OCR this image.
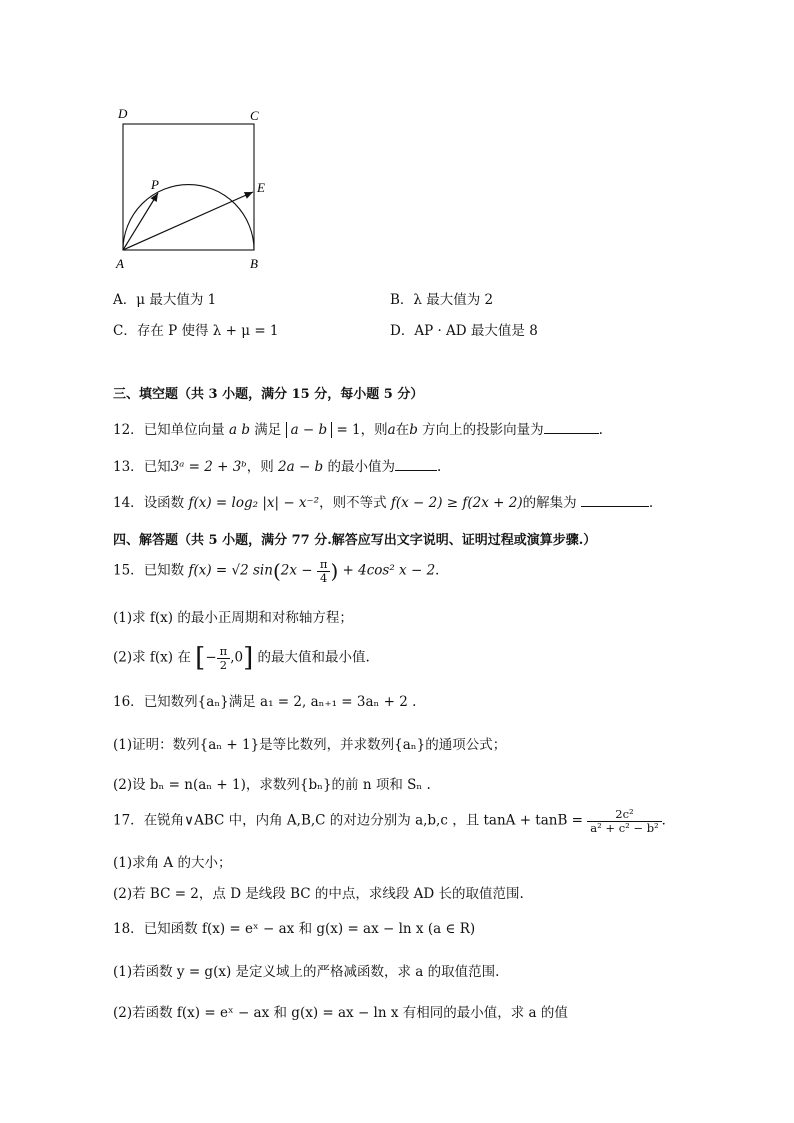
D	C
P	E
A	B
A．μ 最大值为 1	B．λ 最大值为 2
C．存在 P 使得 λ + μ = 1	D．AP · AD 最大值是 8
三、填空题（共 3 小题，满分 15 分，每小题 5 分）
12．已知单位向量 a b 满足 a − b = 1，则a在b 方向上的投影向量为	.
13．已知3ᵃ = 2 + 3ᵇ，则 2a − b 的最小值为	.
14．设函数 f(x) = log₂ |x| − x⁻²，则不等式 f(x − 2) ≥ f(2x + 2)的解集为	.
四、解答题（共 5 小题，满分 77 分.解答应写出文字说明、证明过程或演算步骤.）
15．已知数 f(x) = √2 $\sin(2x - \frac{\pi}{4}$ ) + 4cos² x − 2．
(1)求 f(x) 的最小正周期和对称轴方程；
(2)求 f(x) 在 [− $\frac{\pi}{2} ,0$] 的最大值和最小值.
16．已知数列{aₙ}满足 a₁ = 2, aₙ₊₁ = 3aₙ + 2 .
(1)证明：数列{aₙ + 1}是等比数列，并求数列{aₙ}的通项公式；
(2)设 bₙ = n(aₙ + 1)，求数列{bₙ}的前 n 项和 Sₙ .
17．在锐角∨ABC 中，内角 A,B,C 的对边分别为 a,b,c ，且 $\tan A + \tan B = \frac{\text{2c²}}{\text{a² + c² − b²}}$ ．
(1)求角 A 的大小；
(2)若 BC = 2，点 D 是线段 BC 的中点，求线段 AD 长的取值范围.
18．已知函数 f(x) = eˣ − ax 和 g(x) = ax − ln x (a ∈ R)
(1)若函数 y = g(x) 是定义域上的严格减函数，求 a 的取值范围.
(2)若函数 f(x) = eˣ − ax 和 g(x) = ax − ln x 有相同的最小值，求 a 的值
